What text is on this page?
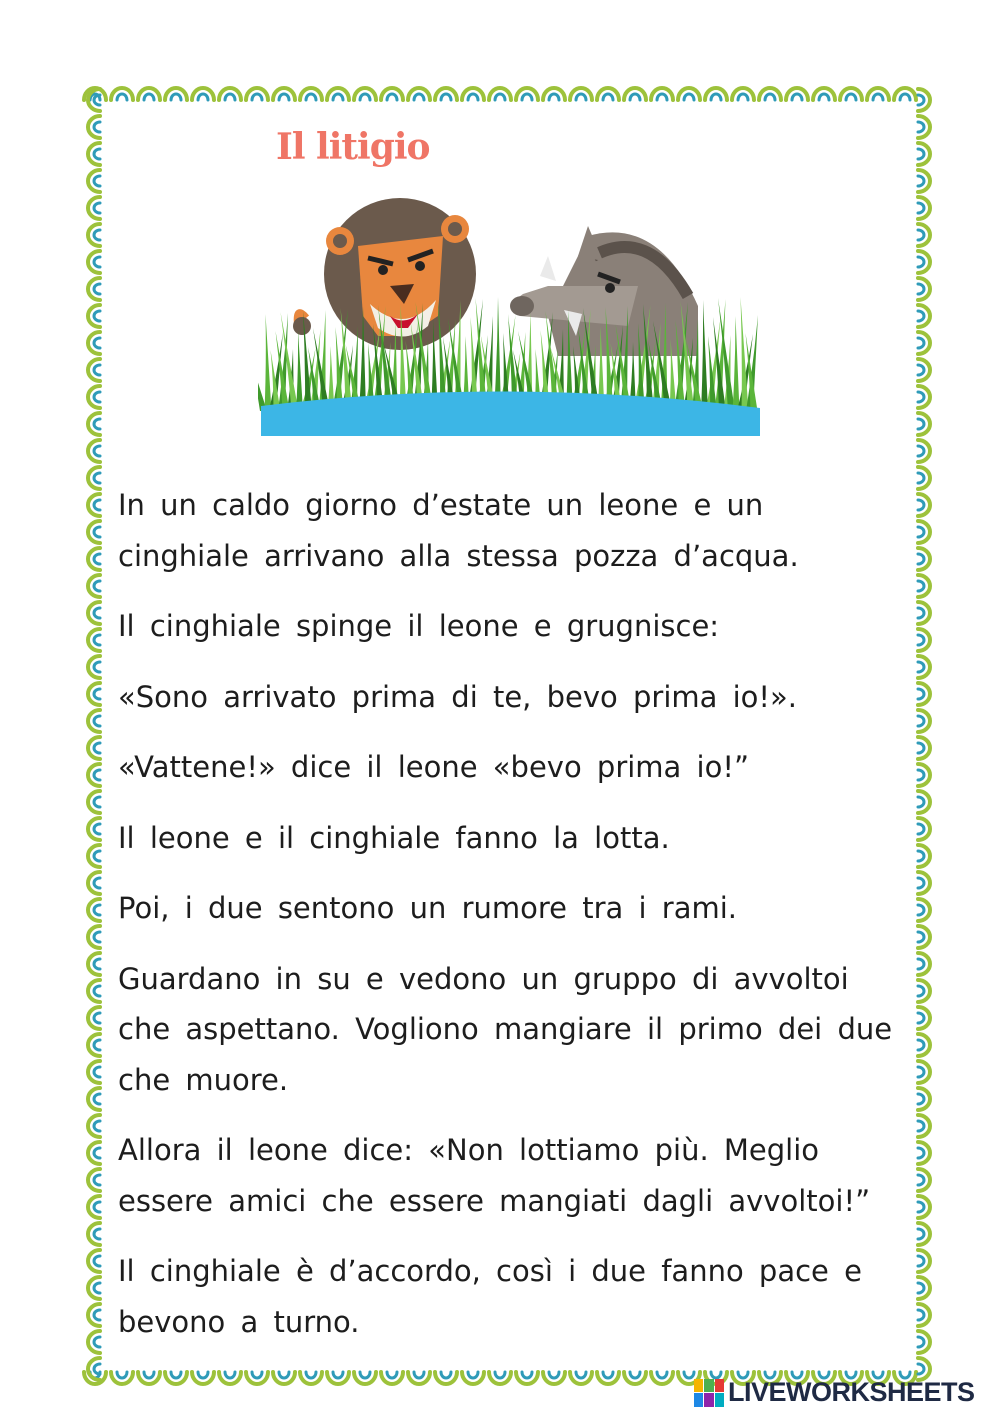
Il litigio

In un caldo giorno d’estate un leone e un
cinghiale arrivano alla stessa pozza d’acqua.

Il cinghiale spinge il leone e grugnisce:

«Sono arrivato prima di te, bevo prima io!».

«Vattene!» dice il leone «bevo prima io!”

Il leone e il cinghiale fanno la lotta.

Poi, i due sentono un rumore tra i rami.

Guardano in su e vedono un gruppo di avvoltoi
che aspettano. Vogliono mangiare il primo dei due
che muore.

Allora il leone dice: «Non lottiamo più. Meglio
essere amici che essere mangiati dagli avvoltoi!”

Il cinghiale è d’accordo, così i due fanno pace e
bevono a turno.

LIVEWORKSHEETS
